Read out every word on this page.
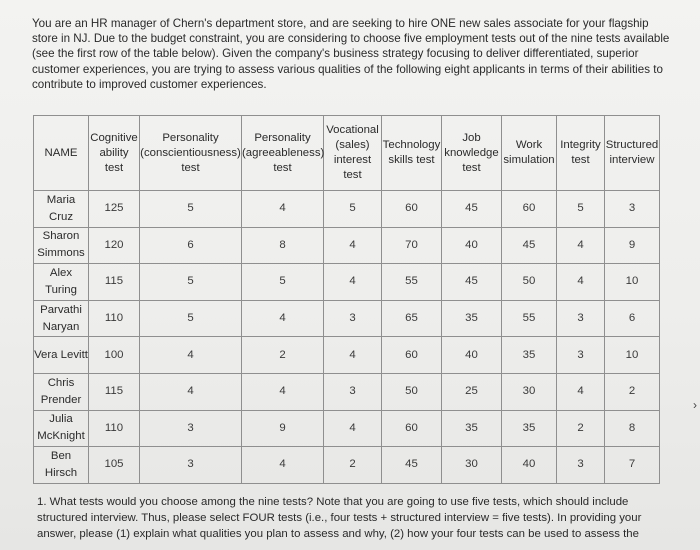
You are an HR manager of Chern's department store, and are seeking to hire ONE new sales associate for your flagship store in NJ. Due to the budget constraint, you are considering to choose five employment tests out of the nine tests available (see the first row of the table below). Given the company's business strategy focusing to deliver differentiated, superior customer experiences, you are trying to assess various qualities of the following eight applicants in terms of their abilities to contribute to improved customer experiences.
NAME	Cognitive ability test	Personality (conscientiousness) test	Personality (agreeableness) test	Vocational (sales) interest test	Technology skills test	Job knowledge test	Work simulation	Integrity test	Structured interview
Maria Cruz	125	5	4	5	60	45	60	5	3
Sharon Simmons	120	6	8	4	70	40	45	4	9
Alex Turing	115	5	5	4	55	45	50	4	10
Parvathi Naryan	110	5	4	3	65	35	55	3	6
Vera Levitt	100	4	2	4	60	40	35	3	10
Chris Prender	115	4	4	3	50	25	30	4	2
Julia McKnight	110	3	9	4	60	35	35	2	8
Ben Hirsch	105	3	4	2	45	30	40	3	7
1. What tests would you choose among the nine tests? Note that you are going to use five tests, which should include structured interview. Thus, please select FOUR tests (i.e., four tests + structured interview = five tests). In providing your answer, please (1) explain what qualities you plan to assess and why, (2) how your four tests can be used to assess the
›
